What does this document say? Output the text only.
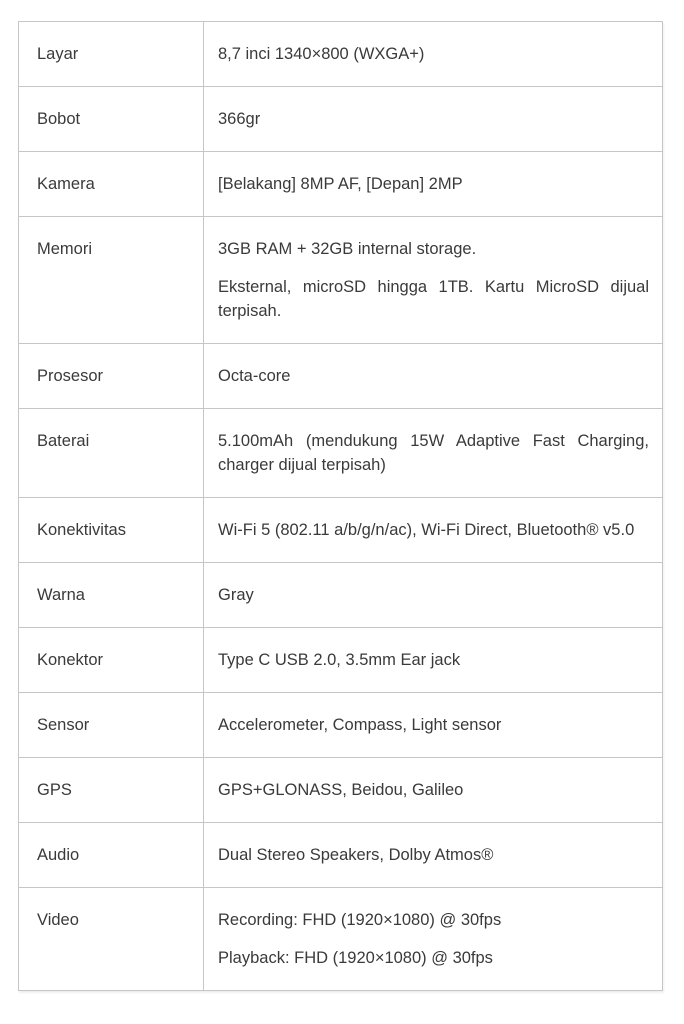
Layar	8,7 inci 1340×800 (WXGA+)

Bobot	366gr

Kamera	[Belakang] 8MP AF, [Depan] 2MP

Memori	3GB RAM + 32GB internal storage.

Eksternal, microSD hingga 1TB. Kartu MicroSD dijual terpisah.

Prosesor	Octa-core

Baterai	5.100mAh (mendukung 15W Adaptive Fast Charging, charger dijual terpisah)

Konektivitas	Wi-Fi 5 (802.11 a/b/g/n/ac), Wi-Fi Direct, Bluetooth® v5.0

Warna	Gray

Konektor	Type C USB 2.0, 3.5mm Ear jack

Sensor	Accelerometer, Compass, Light sensor

GPS	GPS+GLONASS, Beidou, Galileo

Audio	Dual Stereo Speakers, Dolby Atmos®

Video	Recording: FHD (1920×1080) @ 30fps

Playback: FHD (1920×1080) @ 30fps
